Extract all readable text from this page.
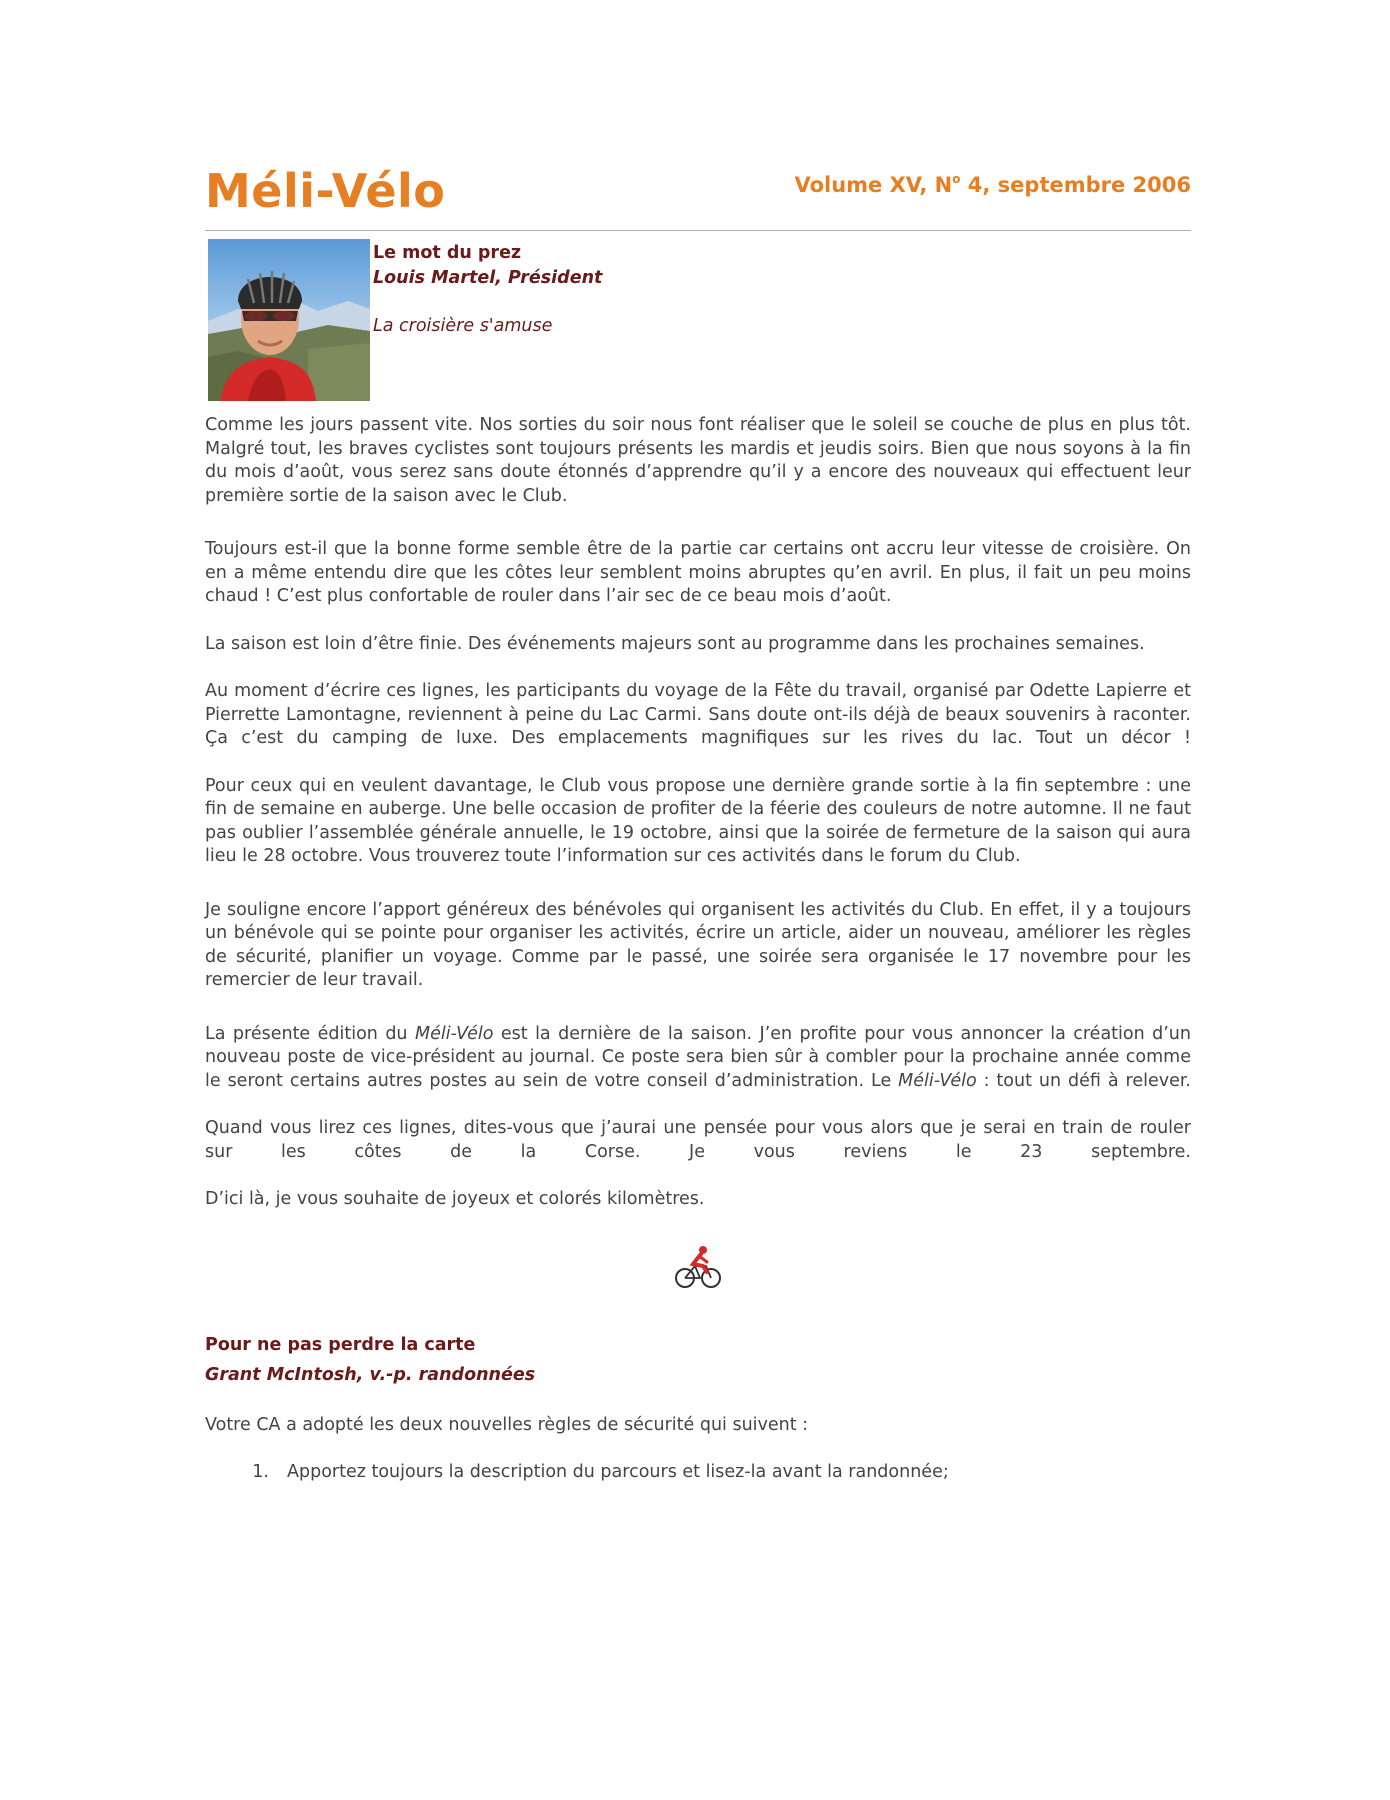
Méli-Vélo	Volume XV, $N^o$ 4, septembre 2006
Le mot du prez
Louis Martel, Président
La croisière s'amuse

Comme les jours passent vite. Nos sorties du soir nous font réaliser que le soleil se couche de plus en plus tôt. Malgré tout, les braves cyclistes sont toujours présents les mardis et jeudis soirs. Bien que nous soyons à la fin du mois d’août, vous serez sans doute étonnés d’apprendre qu’il y a encore des nouveaux qui effectuent leur première sortie de la saison avec le Club.

Toujours est-il que la bonne forme semble être de la partie car certains ont accru leur vitesse de croisière. On en a même entendu dire que les côtes leur semblent moins abruptes qu’en avril. En plus, il fait un peu moins chaud ! C’est plus confortable de rouler dans l’air sec de ce beau mois d’août.

La saison est loin d’être finie. Des événements majeurs sont au programme dans les prochaines semaines.

Au moment d’écrire ces lignes, les participants du voyage de la Fête du travail, organisé par Odette Lapierre et Pierrette Lamontagne, reviennent à peine du Lac Carmi. Sans doute ont-ils déjà de beaux souvenirs à raconter. Ça c’est du camping de luxe. Des emplacements magnifiques sur les rives du lac. Tout un décor !

Pour ceux qui en veulent davantage, le Club vous propose une dernière grande sortie à la fin septembre : une fin de semaine en auberge. Une belle occasion de profiter de la féerie des couleurs de notre automne. Il ne faut pas oublier l’assemblée générale annuelle, le 19 octobre, ainsi que la soirée de fermeture de la saison qui aura lieu le 28 octobre. Vous trouverez toute l’information sur ces activités dans le forum du Club.

Je souligne encore l’apport généreux des bénévoles qui organisent les activités du Club. En effet, il y a toujours un bénévole qui se pointe pour organiser les activités, écrire un article, aider un nouveau, améliorer les règles de sécurité, planifier un voyage. Comme par le passé, une soirée sera organisée le 17 novembre pour les remercier de leur travail.

La présente édition du Méli-Vélo est la dernière de la saison. J’en profite pour vous annoncer la création d’un nouveau poste de vice-président au journal. Ce poste sera bien sûr à combler pour la prochaine année comme le seront certains autres postes au sein de votre conseil d’administration. Le Méli-Vélo : tout un défi à relever.

Quand vous lirez ces lignes, dites-vous que j’aurai une pensée pour vous alors que je serai en train de rouler sur les côtes de la Corse. Je vous reviens le 23 septembre.

D’ici là, je vous souhaite de joyeux et colorés kilomètres.

Pour ne pas perdre la carte
Grant McIntosh, v.-p. randonnées

Votre CA a adopté les deux nouvelles règles de sécurité qui suivent :

1.	Apportez toujours la description du parcours et lisez-la avant la randonnée;
